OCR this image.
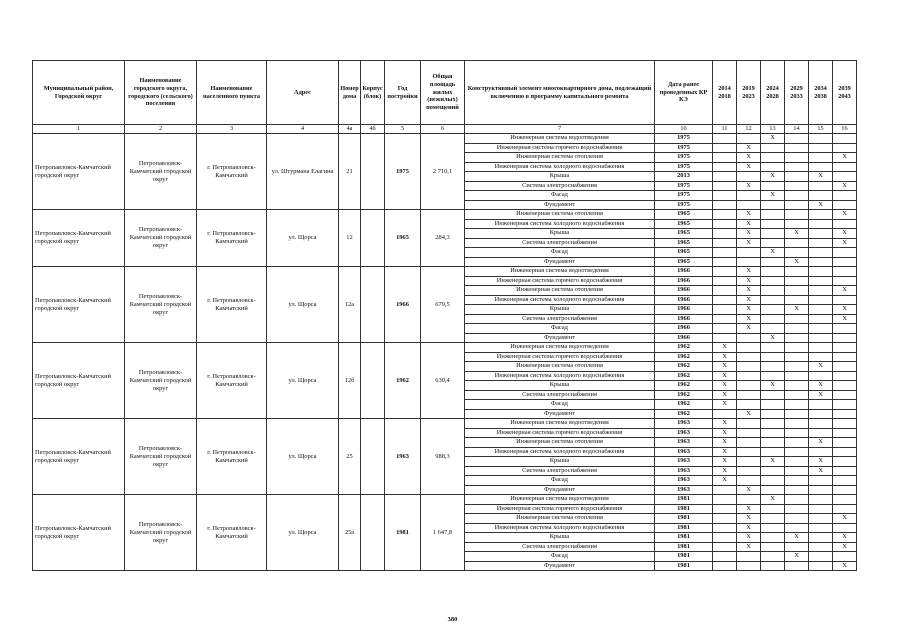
Муниципальный район, Городской округ	Наименование городского округа, городского (сельского) поселения	Наименование населенного пункта	Адрес	Номер дома	Корпус (блок)	Год постройки	Общая площадь жилых (нежилых) помещений	Конструктивный элемент многоквартирного дома, подлежащий включению в программу капитального ремонта	Дата ранее проведенных КР КЭ	2014 2018	2019 2023	2024 2028	2029 2033	2034 2038	2039 2043
1	2	3	4	4а	4б	5	6	7	10	11	12	13	14	15	16
Петропавловск-Камчатский городской округ	Петропавловск-Камчатский городской округ	г. Петропавловск-Камчатский	ул. Штурмана Елагина	21		1975	2 710,1	Инженерная система водоотведения	1975			X			
								Инженерная система горячего водоснабжения	1975		X				
								Инженерная система отопления	1975		X				X
								Инженерная система холодного водоснабжения	1975		X				
								Крыша	2013			X		X	
								Система электроснабжения	1975		X				X
								Фасад	1975			X			
								Фундамент	1975					X	
Петропавловск-Камчатский городской округ	Петропавловск-Камчатский городской округ	г. Петропавловск-Камчатский	ул. Щорса	12		1965	284,3	Инженерная система отопления	1965		X				X
								Инженерная система холодного водоснабжения	1965		X				
								Крыша	1965		X		X		X
								Система электроснабжения	1965		X				X
								Фасад	1965			X			
								Фундамент	1965				X		
Петропавловск-Камчатский городской округ	Петропавловск-Камчатский городской округ	г. Петропавловск-Камчатский	ул. Щорса	12а		1966	679,5	Инженерная система водоотведения	1966		X				
								Инженерная система горячего водоснабжения	1966		X				
								Инженерная система отопления	1966		X				X
								Инженерная система холодного водоснабжения	1966		X				
								Крыша	1966		X		X		X
								Система электроснабжения	1966		X				X
								Фасад	1966		X				
								Фундамент	1966			X			
Петропавловск-Камчатский городской округ	Петропавловск-Камчатский городской округ	г. Петропавловск-Камчатский	ул. Щорса	12б		1962	630,4	Инженерная система водоотведения	1962	X					
								Инженерная система горячего водоснабжения	1962	X					
								Инженерная система отопления	1962	X				X	
								Инженерная система холодного водоснабжения	1962	X					
								Крыша	1962	X		X		X	
								Система электроснабжения	1962	X				X	
								Фасад	1962	X					
								Фундамент	1962		X				
Петропавловск-Камчатский городской округ	Петропавловск-Камчатский городской округ	г. Петропавловск-Камчатский	ул. Щорса	25		1963	988,3	Инженерная система водоотведения	1963	X					
								Инженерная система горячего водоснабжения	1963	X					
								Инженерная система отопления	1963	X				X	
								Инженерная система холодного водоснабжения	1963	X					
								Крыша	1963	X		X		X	
								Система электроснабжения	1963	X				X	
								Фасад	1963	X					
								Фундамент	1963		X				
Петропавловск-Камчатский городской округ	Петропавловск-Камчатский городской округ	г. Петропавловск-Камчатский	ул. Щорса	25а		1981	1 647,8	Инженерная система водоотведения	1981			X			
								Инженерная система горячего водоснабжения	1981		X				
								Инженерная система отопления	1981		X				X
								Инженерная система холодного водоснабжения	1981		X				
								Крыша	1981		X		X		X
								Система электроснабжения	1981		X				X
								Фасад	1981				X		
								Фундамент	1981						X
380
